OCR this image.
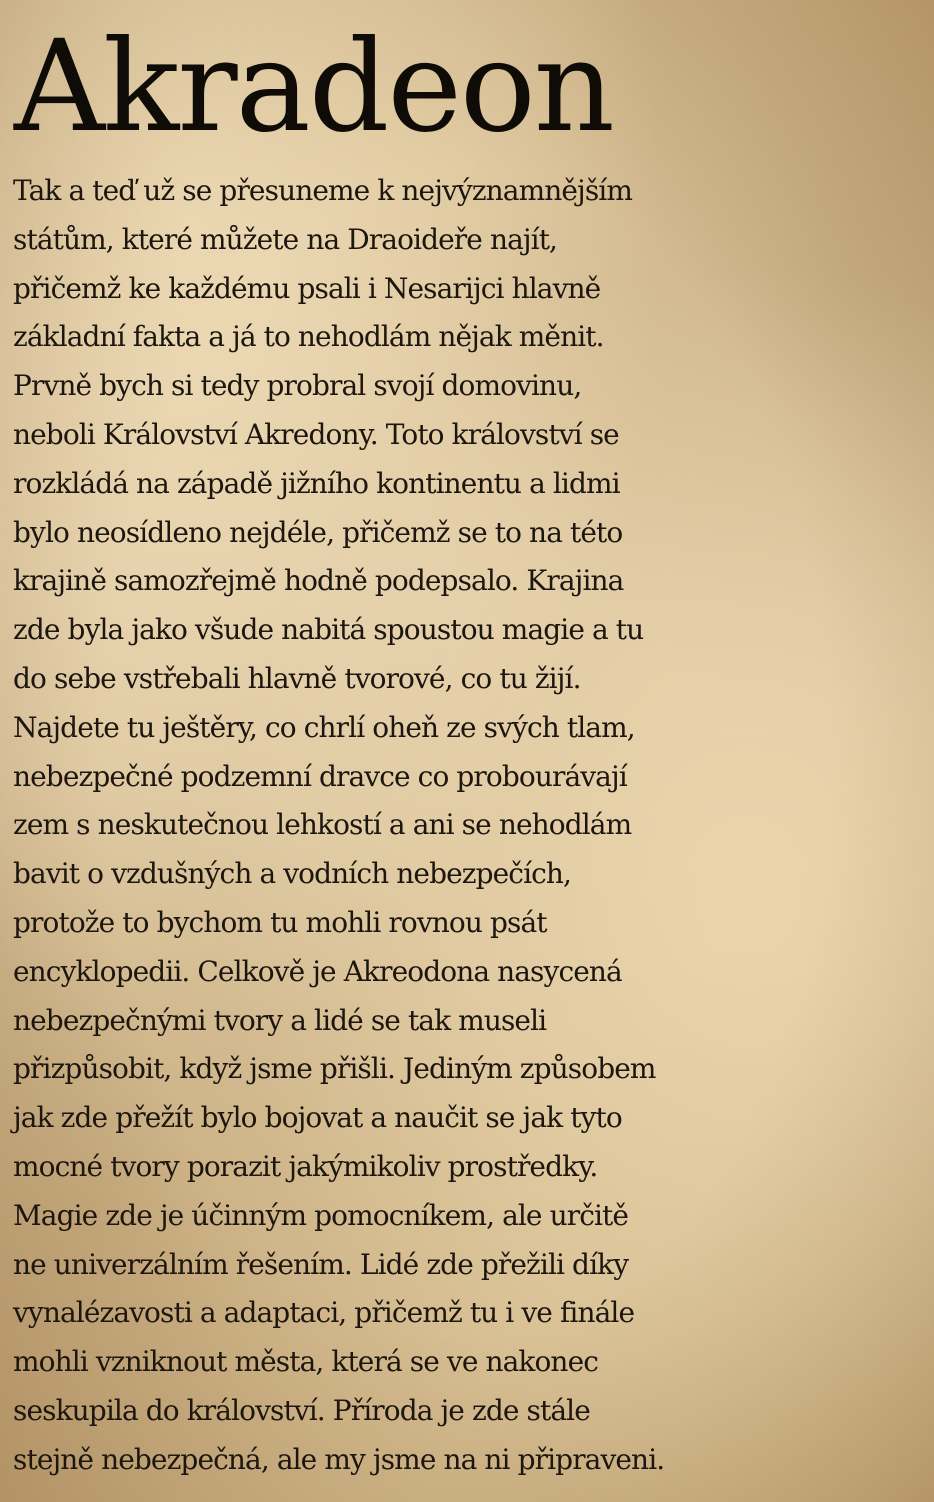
Akradeon
Tak a teď už se přesuneme k nejvýznamnějším
státům, které můžete na Draoideře najít,
přičemž ke každému psali i Nesarijci hlavně
základní fakta a já to nehodlám nějak měnit.
Prvně bych si tedy probral svojí domovinu,
neboli Království Akredony. Toto království se
rozkládá na západě jižního kontinentu a lidmi
bylo neosídleno nejdéle, přičemž se to na této
krajině samozřejmě hodně podepsalo. Krajina
zde byla jako všude nabitá spoustou magie a tu
do sebe vstřebali hlavně tvorové, co tu žijí.
Najdete tu ještěry, co chrlí oheň ze svých tlam,
nebezpečné podzemní dravce co probourávají
zem s neskutečnou lehkostí a ani se nehodlám
bavit o vzdušných a vodních nebezpečích,
protože to bychom tu mohli rovnou psát
encyklopedii. Celkově je Akreodona nasycená
nebezpečnými tvory a lidé se tak museli
přizpůsobit, když jsme přišli. Jediným způsobem
jak zde přežít bylo bojovat a naučit se jak tyto
mocné tvory porazit jakýmikoliv prostředky.
Magie zde je účinným pomocníkem, ale určitě
ne univerzálním řešením. Lidé zde přežili díky
vynalézavosti a adaptaci, přičemž tu i ve finále
mohli vzniknout města, která se ve nakonec
seskupila do království. Příroda je zde stále
stejně nebezpečná, ale my jsme na ni připraveni.
